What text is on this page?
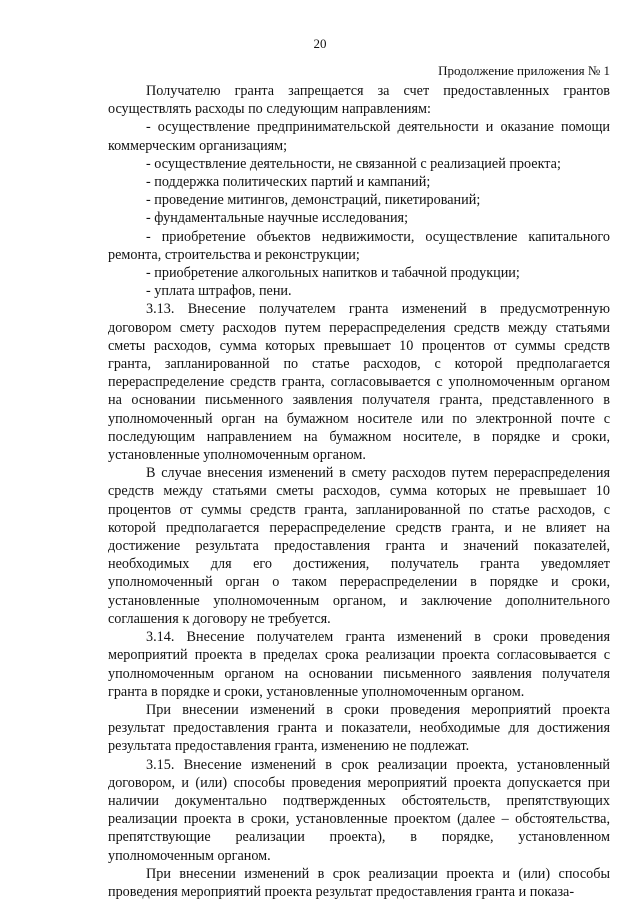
20
Продолжение приложения № 1

Получателю гранта запрещается за счет предоставленных грантов осуществлять расходы по следующим направлениям:

- осуществление предпринимательской деятельности и оказание помощи коммерческим организациям;

- осуществление деятельности, не связанной с реализацией проекта;

- поддержка политических партий и кампаний;

- проведение митингов, демонстраций, пикетирований;

- фундаментальные научные исследования;

- приобретение объектов недвижимости, осуществление капитального ремонта, строительства и реконструкции;

- приобретение алкогольных напитков и табачной продукции;

- уплата штрафов, пени.

3.13. Внесение получателем гранта изменений в предусмотренную договором смету расходов путем перераспределения средств между статьями сметы расходов, сумма которых превышает 10 процентов от суммы средств гранта, запланированной по статье расходов, с которой предполагается перераспределение средств гранта, согласовывается с уполномоченным органом на основании письменного заявления получателя гранта, представленного в уполномоченный орган на бумажном носителе или по электронной почте с последующим направлением на бумажном носителе, в порядке и сроки, установленные уполномоченным органом.

В случае внесения изменений в смету расходов путем перераспределения средств между статьями сметы расходов, сумма которых не превышает 10 процентов от суммы средств гранта, запланированной по статье расходов, с которой предполагается перераспределение средств гранта, и не влияет на достижение результата предоставления гранта и значений показателей, необходимых для его достижения, получатель гранта уведомляет уполномоченный орган о таком перераспределении в порядке и сроки, установленные уполномоченным органом, и заключение дополнительного соглашения к договору не требуется.

3.14. Внесение получателем гранта изменений в сроки проведения мероприятий проекта в пределах срока реализации проекта согласовывается с уполномоченным органом на основании письменного заявления получателя гранта в порядке и сроки, установленные уполномоченным органом.

При внесении изменений в сроки проведения мероприятий проекта результат предоставления гранта и показатели, необходимые для достижения результата предоставления гранта, изменению не подлежат.

3.15. Внесение изменений в срок реализации проекта, установленный договором, и (или) способы проведения мероприятий проекта допускается при наличии документально подтвержденных обстоятельств, препятствующих реализации проекта в сроки, установленные проектом (далее – обстоятельства, препятствующие реализации проекта), в порядке, установленном уполномоченным органом.

При внесении изменений в срок реализации проекта и (или) способы проведения мероприятий проекта результат предоставления гранта и показа-
